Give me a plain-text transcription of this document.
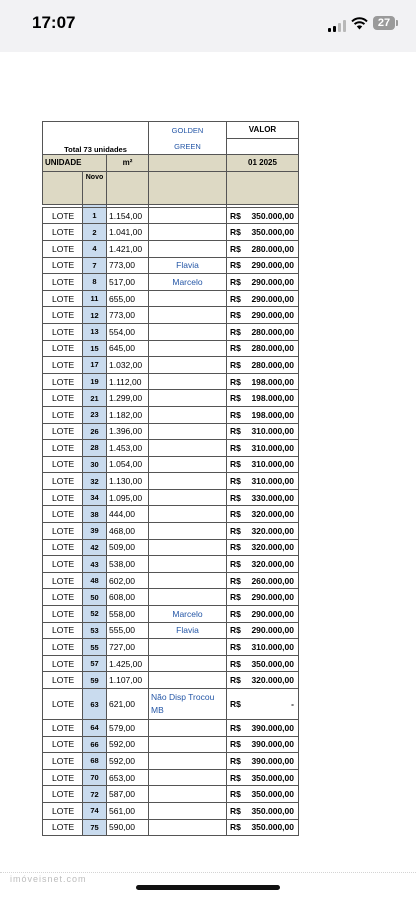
17:07	27
Total 73 unidades			GOLDEN
GREEN	VALOR

UNIDADE		m²		01 2025
	Novo			

LOTE	1	1.154,00		R$ 350.000,00

LOTE	2	1.041,00		R$ 350.000,00

LOTE	4	1.421,00		R$ 280.000,00

LOTE	7	773,00	Flavia	R$ 290.000,00

LOTE	8	517,00	Marcelo	R$ 290.000,00

LOTE	11	655,00		R$ 290.000,00

LOTE	12	773,00		R$ 290.000,00

LOTE	13	554,00		R$ 280.000,00

LOTE	15	645,00		R$ 280.000,00

LOTE	17	1.032,00		R$ 280.000,00

LOTE	19	1.112,00		R$ 198.000,00

LOTE	21	1.299,00		R$ 198.000,00

LOTE	23	1.182,00		R$ 198.000,00

LOTE	26	1.396,00		R$ 310.000,00

LOTE	28	1.453,00		R$ 310.000,00

LOTE	30	1.054,00		R$ 310.000,00

LOTE	32	1.130,00		R$ 310.000,00

LOTE	34	1.095,00		R$ 330.000,00

LOTE	38	444,00		R$ 320.000,00

LOTE	39	468,00		R$ 320.000,00

LOTE	42	509,00		R$ 320.000,00

LOTE	43	538,00		R$ 320.000,00

LOTE	48	602,00		R$ 260.000,00

LOTE	50	608,00		R$ 290.000,00

LOTE	52	558,00	Marcelo	R$ 290.000,00

LOTE	53	555,00	Flavia	R$ 290.000,00

LOTE	55	727,00		R$ 310.000,00

LOTE	57	1.425,00		R$ 350.000,00

LOTE	59	1.107,00		R$ 320.000,00

LOTE	63	621,00	Não Disp Trocou MB	R$ -

LOTE	64	579,00		R$ 390.000,00

LOTE	66	592,00		R$ 390.000,00

LOTE	68	592,00		R$ 390.000,00

LOTE	70	653,00		R$ 350.000,00

LOTE	72	587,00		R$ 350.000,00

LOTE	74	561,00		R$ 350.000,00

LOTE	75	590,00		R$ 350.000,00
imóveisnet.com
